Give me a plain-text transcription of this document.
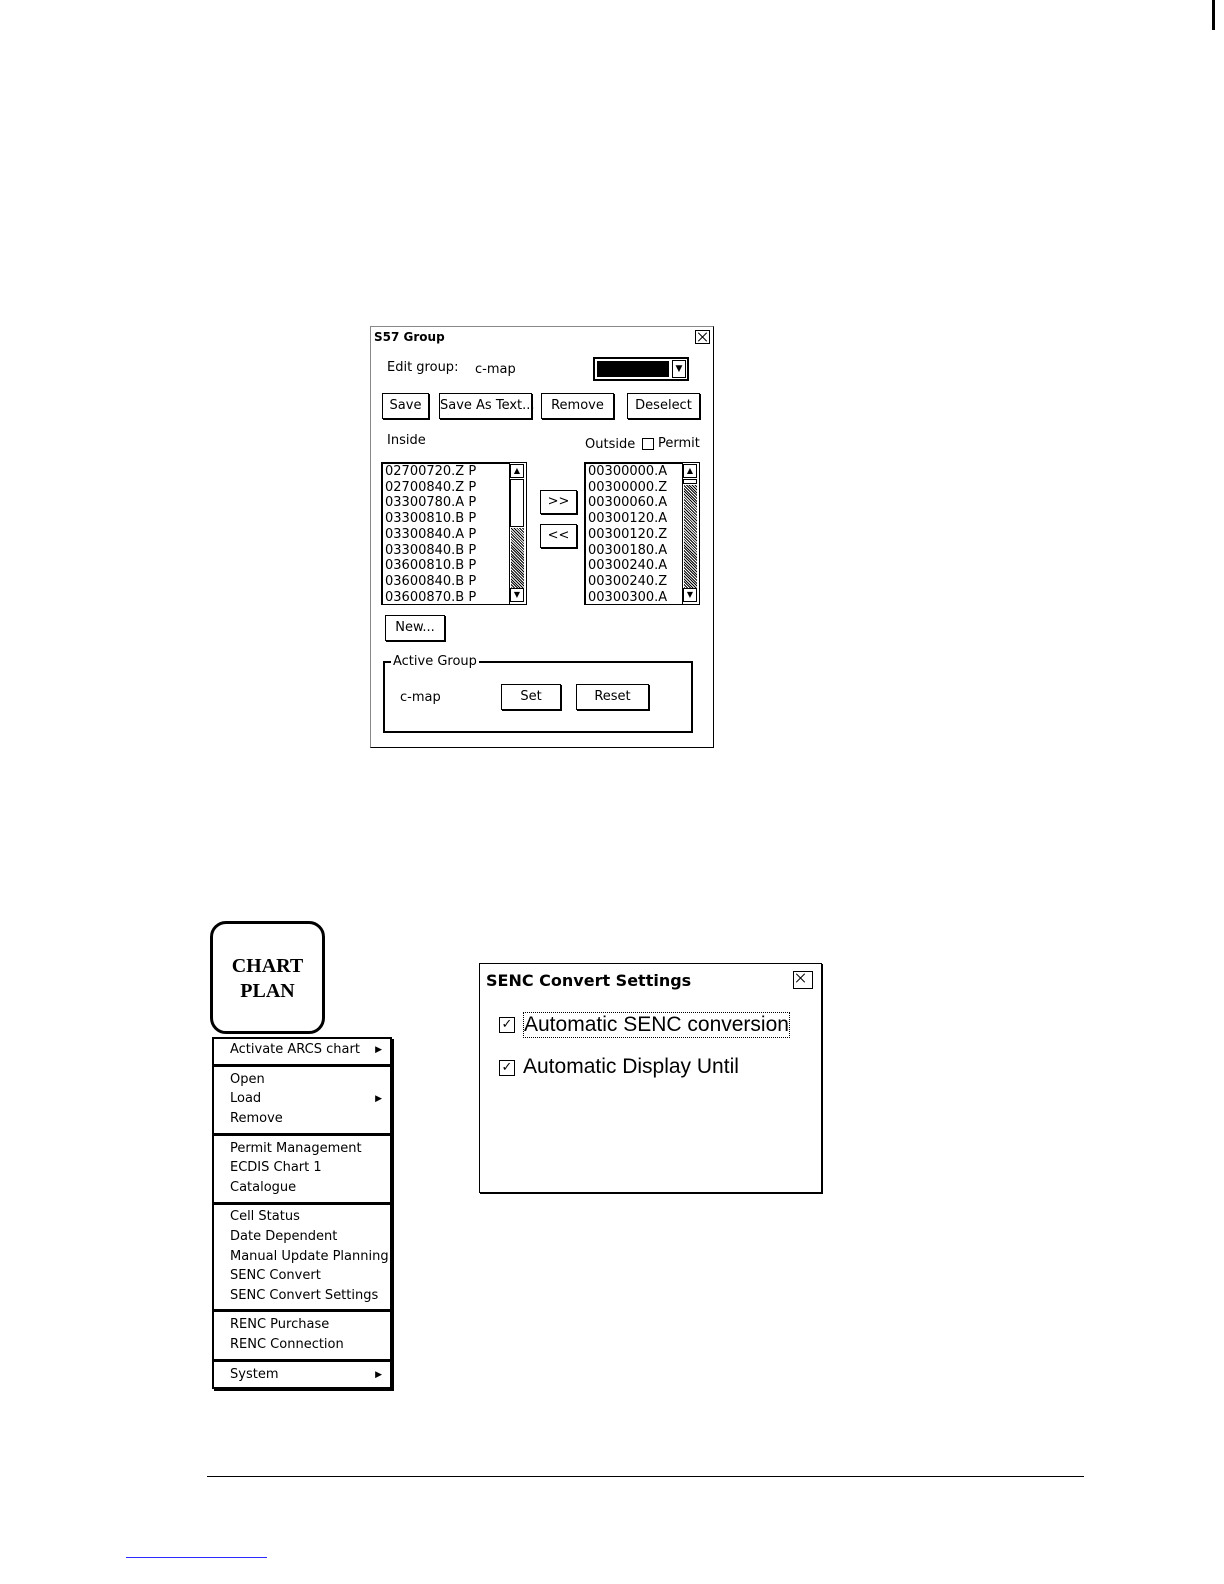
S57 Group
Edit group: c-map	▼
Save	Save As Text...	Remove	Deselect
Inside	Outside Permit
02700720.Z P
02700840.Z P
03300780.A P
03300810.B P
03300840.A P
03300840.B P
03600810.B P
03600840.B P
03600870.B P
▲
▼
>>
<<
00300000.A
00300000.Z
00300060.A
00300120.A
00300120.Z
00300180.A
00300240.A
00300240.Z
00300300.A
▲
▼
New...
Active Group
c-map	Set	Reset
CHART
PLAN
Activate ARCS chart ▶
Open
Load	▶
Remove
Permit Management
ECDIS Chart 1
Catalogue
Cell Status
Date Dependent
Manual Update Planning
SENC Convert
SENC Convert Settings
RENC Purchase
RENC Connection
System	▶
SENC Convert Settings
✓ Automatic SENC conversion
✓ Automatic Display Until
